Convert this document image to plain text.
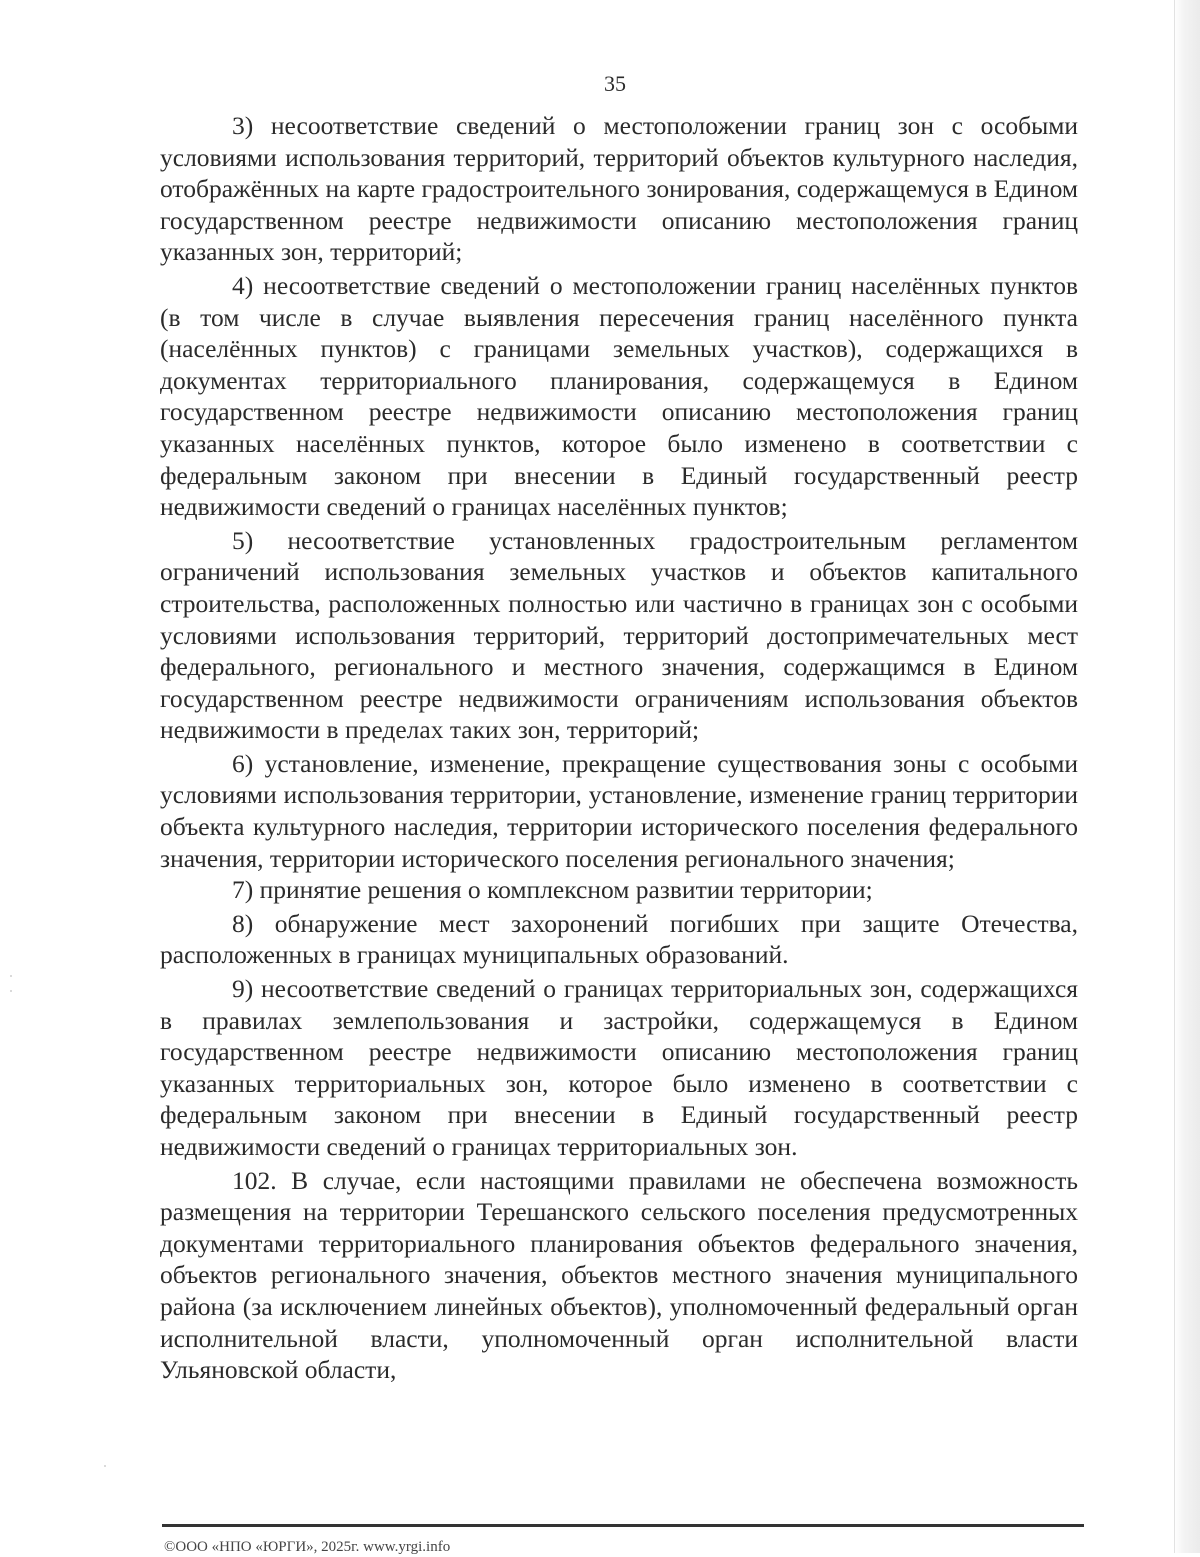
35

3) несоответствие сведений о местоположении границ зон с особыми условиями использования территорий, территорий объектов культурного наследия, отображённых на карте градостроительного зонирования, содержащемуся в Едином государственном реестре недвижимости описанию местоположения границ указанных зон, территорий;

4) несоответствие сведений о местоположении границ населённых пунктов (в том числе в случае выявления пересечения границ населённого пункта (населённых пунктов) с границами земельных участков), содержащихся в документах территориального планирования, содержащемуся в Едином государственном реестре недвижимости описанию местоположения границ указанных населённых пунктов, которое было изменено в соответствии с федеральным законом при внесении в Единый государственный реестр недвижимости сведений о границах населённых пунктов;

5) несоответствие установленных градостроительным регламентом ограничений использования земельных участков и объектов капитального строительства, расположенных полностью или частично в границах зон с особыми условиями использования территорий, территорий достопримечательных мест федерального, регионального и местного значения, содержащимся в Едином государственном реестре недвижимости ограничениям использования объектов недвижимости в пределах таких зон, территорий;

6) установление, изменение, прекращение существования зоны с особыми условиями использования территории, установление, изменение границ территории объекта культурного наследия, территории исторического поселения федерального значения, территории исторического поселения регионального значения;

7) принятие решения о комплексном развитии территории;

8) обнаружение мест захоронений погибших при защите Отечества, расположенных в границах муниципальных образований.

9) несоответствие сведений о границах территориальных зон, содержащихся в правилах землепользования и застройки, содержащемуся в Едином государственном реестре недвижимости описанию местоположения границ указанных территориальных зон, которое было изменено в соответствии с федеральным законом при внесении в Единый государственный реестр недвижимости сведений о границах территориальных зон.

102. В случае, если настоящими правилами не обеспечена возможность размещения на территории Терешанского сельского поселения предусмотренных документами территориального планирования объектов федерального значения, объектов регионального значения, объектов местного значения муниципального района (за исключением линейных объектов), уполномоченный федеральный орган исполнительной власти, уполномоченный орган исполнительной власти Ульяновской области,

©ООО «НПО «ЮРГИ», 2025г. www.yrgi.info
